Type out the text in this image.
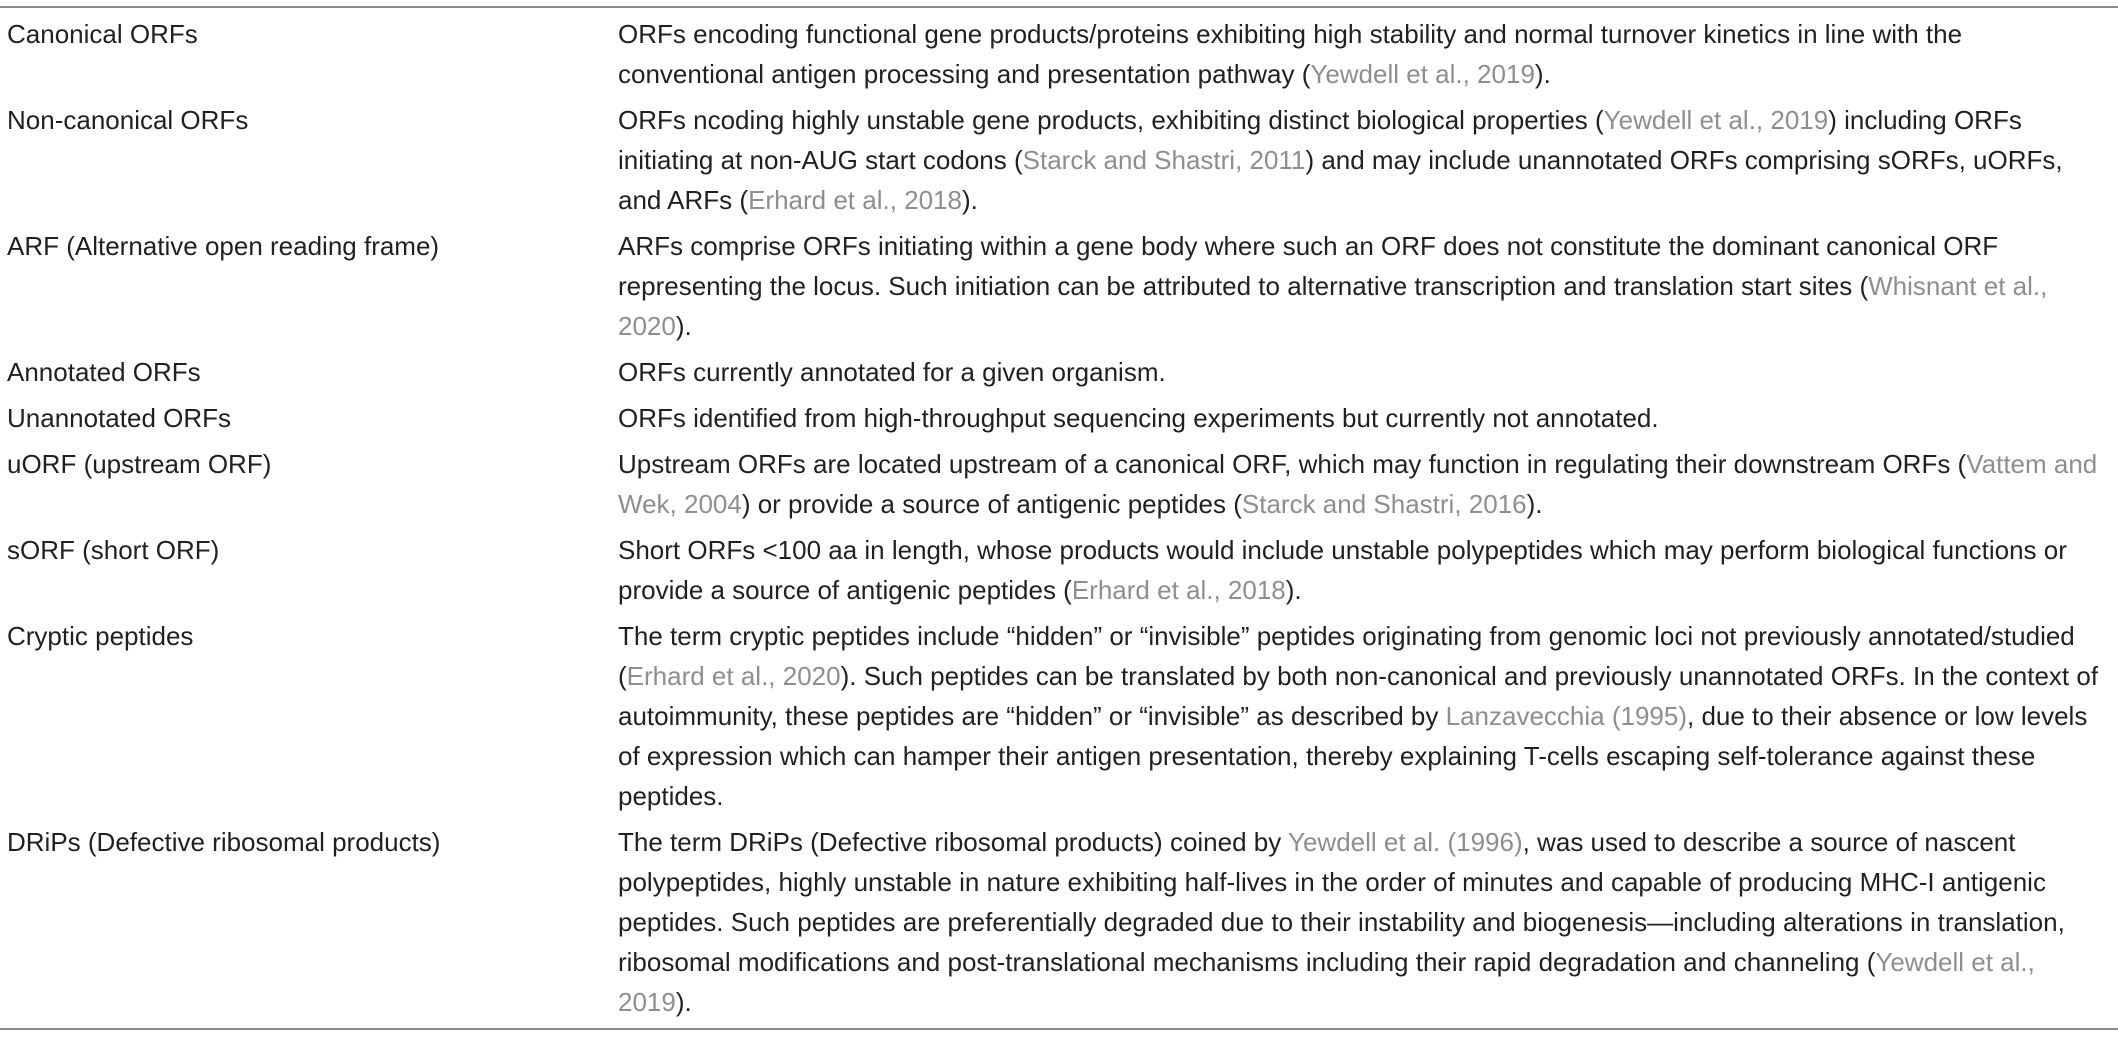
Canonical ORFs	ORFs encoding functional gene products/proteins exhibiting high stability and normal turnover kinetics in line with the conventional antigen processing and presentation pathway (Yewdell et al., 2019).
Non-canonical ORFs	ORFs ncoding highly unstable gene products, exhibiting distinct biological properties (Yewdell et al., 2019) including ORFs initiating at non-AUG start codons (Starck and Shastri, 2011) and may include unannotated ORFs comprising sORFs, uORFs, and ARFs (Erhard et al., 2018).
ARF (Alternative open reading frame)	ARFs comprise ORFs initiating within a gene body where such an ORF does not constitute the dominant canonical ORF representing the locus. Such initiation can be attributed to alternative transcription and translation start sites (Whisnant et al., 2020).
Annotated ORFs	ORFs currently annotated for a given organism.
Unannotated ORFs	ORFs identified from high-throughput sequencing experiments but currently not annotated.
uORF (upstream ORF)	Upstream ORFs are located upstream of a canonical ORF, which may function in regulating their downstream ORFs (Vattem and Wek, 2004) or provide a source of antigenic peptides (Starck and Shastri, 2016).
sORF (short ORF)	Short ORFs <100 aa in length, whose products would include unstable polypeptides which may perform biological functions or provide a source of antigenic peptides (Erhard et al., 2018).
Cryptic peptides	The term cryptic peptides include “hidden” or “invisible” peptides originating from genomic loci not previously annotated/studied (Erhard et al., 2020). Such peptides can be translated by both non-canonical and previously unannotated ORFs. In the context of autoimmunity, these peptides are “hidden” or “invisible” as described by Lanzavecchia (1995), due to their absence or low levels of expression which can hamper their antigen presentation, thereby explaining T-cells escaping self-tolerance against these peptides.
DRiPs (Defective ribosomal products)	The term DRiPs (Defective ribosomal products) coined by Yewdell et al. (1996), was used to describe a source of nascent polypeptides, highly unstable in nature exhibiting half-lives in the order of minutes and capable of producing MHC-I antigenic peptides. Such peptides are preferentially degraded due to their instability and biogenesis—including alterations in translation, ribosomal modifications and post-translational mechanisms including their rapid degradation and channeling (Yewdell et al., 2019).
